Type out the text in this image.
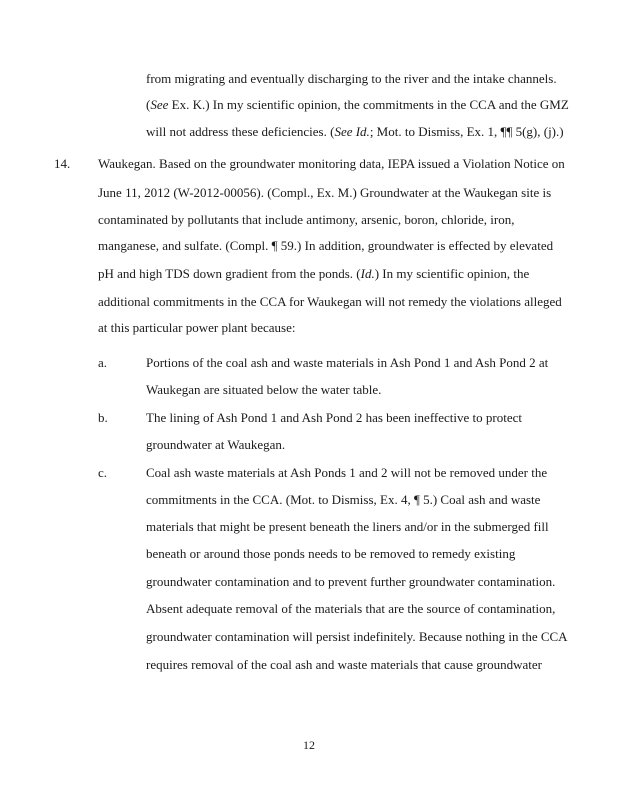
from migrating and eventually discharging to the river and the intake channels.
(See Ex. K.) In my scientific opinion, the commitments in the CCA and the GMZ
will not address these deficiencies. (See Id.; Mot. to Dismiss, Ex. 1, ¶¶ 5(g), (j).)
14. Waukegan. Based on the groundwater monitoring data, IEPA issued a Violation Notice on
June 11, 2012 (W-2012-00056). (Compl., Ex. M.) Groundwater at the Waukegan site is
contaminated by pollutants that include antimony, arsenic, boron, chloride, iron,
manganese, and sulfate. (Compl. ¶ 59.) In addition, groundwater is effected by elevated
pH and high TDS down gradient from the ponds. (Id.) In my scientific opinion, the
additional commitments in the CCA for Waukegan will not remedy the violations alleged
at this particular power plant because:
a.	Portions of the coal ash and waste materials in Ash Pond 1 and Ash Pond 2 at
Waukegan are situated below the water table.
b.	The lining of Ash Pond 1 and Ash Pond 2 has been ineffective to protect
groundwater at Waukegan.
c.	Coal ash waste materials at Ash Ponds 1 and 2 will not be removed under the
commitments in the CCA. (Mot. to Dismiss, Ex. 4, ¶ 5.) Coal ash and waste
materials that might be present beneath the liners and/or in the submerged fill
beneath or around those ponds needs to be removed to remedy existing
groundwater contamination and to prevent further groundwater contamination.
Absent adequate removal of the materials that are the source of contamination,
groundwater contamination will persist indefinitely. Because nothing in the CCA
requires removal of the coal ash and waste materials that cause groundwater
12
